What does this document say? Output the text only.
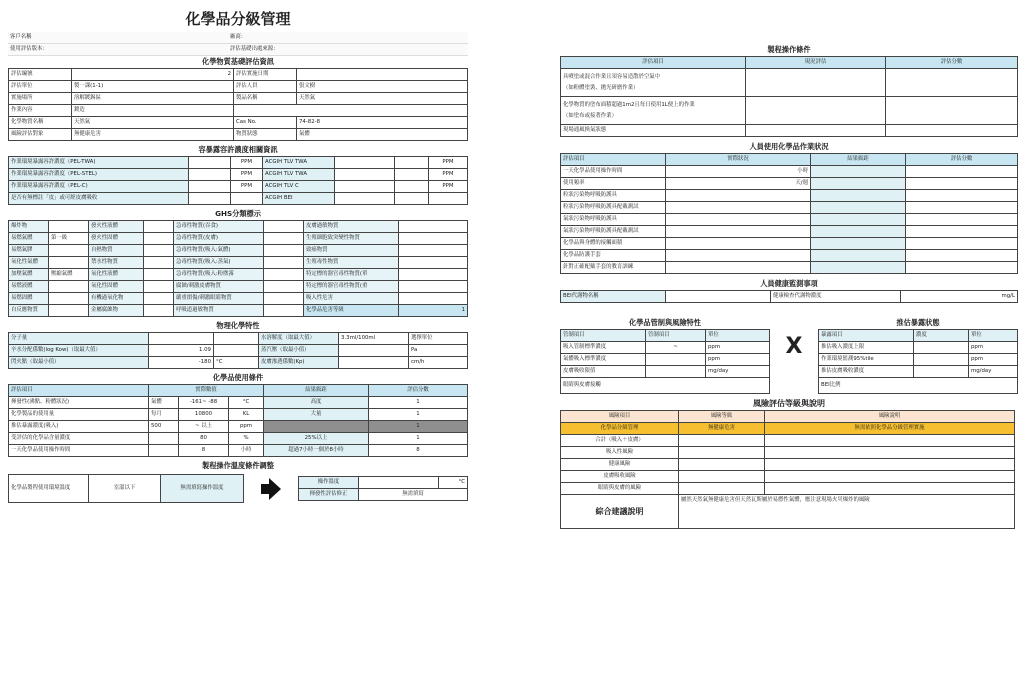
化學品分級管理
客戶名稱		廠商：	
使用評估版本：		評估基礎出處來源：	
化學物質基礎評估資訊
評估編號	2	評估實施日期	
評估單位	製一課(1-1)	評估人員	張文樹
實施場所	溶解鍍錫區	製品名稱	天然氣
作業內容	鍍造		
化學物質名稱	天然氣	Cas No.	74-82-8
風險評估對象	無健康危害	物質狀態	氣體
容暴露容許濃度相關資訊
作業環境暴露容許濃度（PEL-TWA)		PPM	ACGIH TLV TWA			PPM
作業環境暴露容許濃度（PEL-STEL)		PPM	ACGIH TLV TWA			PPM
作業環境暴露容許濃度（PEL-C)		PPM	ACGIH TLV C			PPM
是否有無標註「皮」或可經皮膚吸收			ACGIH BEI			
GHS分類標示
爆炸物		發火性液體		急毒性物質(吞食)		皮膚過敏物質	
易燃氣體	第一級	發火性固體		急毒性物質(皮膚)		生殖細胞致突變性物質	
易燃氣膠		自熱物質		急毒性物質(吸入:氣體)		致癌物質	
氧化性氣體		禁水性物質		急毒性物質(吸入:蒸氣)		生殖毒性物質	
加壓氣體	壓縮氣體	氧化性液體		急毒性物質(吸入:粉塵霧		特定標的器官毒性物質(單	
易燃液體		氧化性固體		腐蝕/刺激皮膚物質		特定標的器官毒性物質(重	
易燃固體		有機過氧化物		嚴重損傷/刺激眼睛物質		吸入性危害	
自反應物質		金屬腐蝕物		呼吸道過敏物質		化學品危害等級	1
物理化學特性
分子量			水溶解度（取最大值）	3.3ml/100ml	選擇單位
辛水分配係數(log Kow)（取最大值）	1.09		蒸汽壓（取最小值）		Pa
閃火點（取最小值）	-180	°C	皮膚滲透係數(Kp)		cm/h
化學品使用條件
評估項目	實際數值			結果級距	評估分數
揮發性(沸點、粉體狀況)	氣體	-161~ -88	°C	高度	1
化學製品的使用量	每月	10800	KL	大量	1
推估暴露濃度(吸入)	500	~ 以上	ppm		1
受評估的化學品含量濃度		80	%	25%以上	1
一天化學品使用操作時間		8	小時	超過7小時一個於8小時	8
製程操作溫度條件調整
化學品製程使用環境溫度	室溫以下	無需填寫操作溫度
操作溫度		°C
揮發性評估修正	無需填寫	
製程操作條件
評估項目	現況評估	評估分數
具噴塗或混合作業且須容易造散於空氣中
（如粉體塗裝、拋光研磨作業）		
化學物質的塗布面積超過1m2且每日使用1L便上的作業
（如塗布或接著作業）		
現場通風換氣狀態		
人員使用化學品作業狀況
評估項目	實際狀況	結果級距	評估分數
一天化學品使用操作時間	小時		
使用頻率	天/週		
粒狀污染物呼吸防護具			
粒狀污染物呼吸防護具配戴測試			
氣狀污染物呼吸防護具			
氣狀污染物呼吸防護具配戴測試			
化學品與身體的接觸面積			
化學品防護手套			
針對正確配戴手套的教育訓練			
人員健康監測事項
BEI代謝物名稱		健康檢查代謝物濃度	mg/L
化學品管制與風險特性
管制項目	管制項目	單位
吸入管制標準濃度	~	ppm
氣體吸入標準濃度		ppm
皮膚吸收限值		mg/day
眼睛與皮膚接觸		
X
推估暴露狀態
暴露項目	濃度	單位
推估吸入濃度上限		ppm
作業環境監測95%tile		ppm
推估皮膚吸收濃度		mg/day
BEI比例		
風險評估等級與說明
風險項目	風險等級	風險說明
化學品分級管理	無健康危害	無需依照化學品分級管理實施
合計（吸入＋皮膚）		
吸入性風險		
健康風險		
皮膚吸收風險		
眼睛與皮膚的風險		
綜合建議說明	屬然天然氣無健康危害但天然瓦斯屬於易燃性氣體，應注意現場火災爆炸的風險	
